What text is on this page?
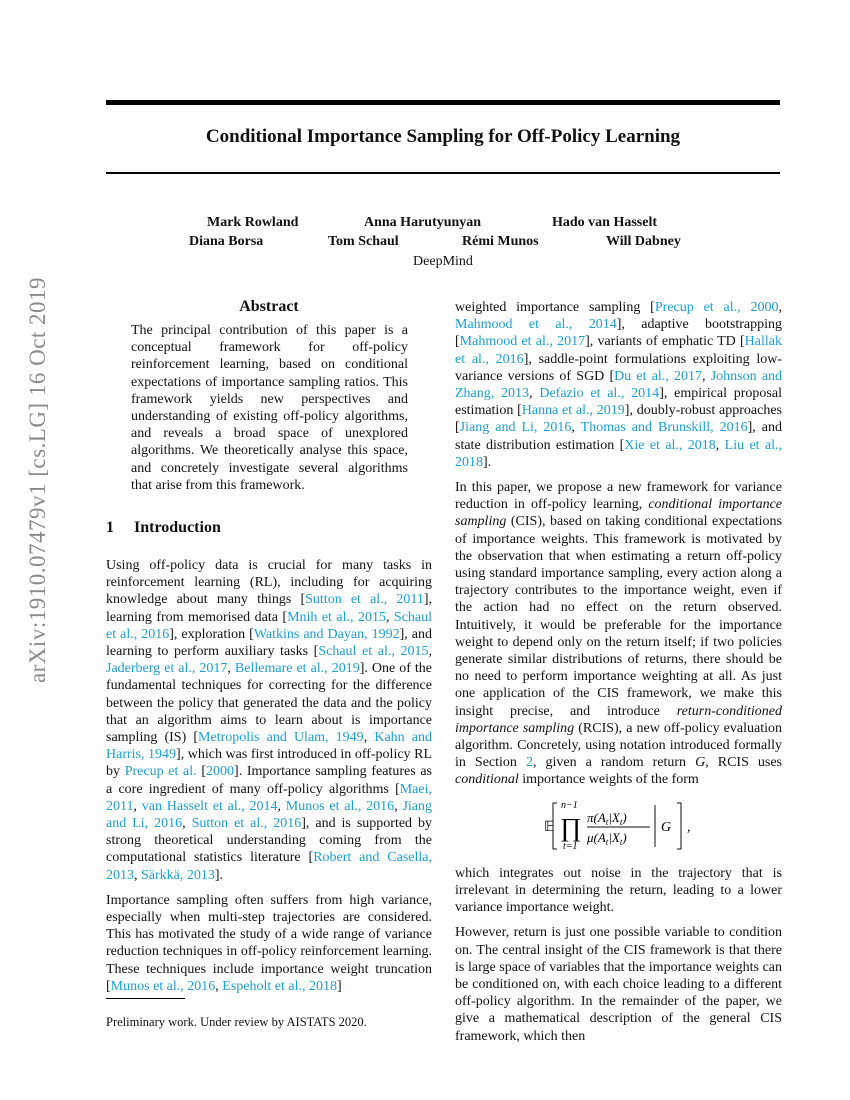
arXiv:1910.07479v1 [cs.LG] 16 Oct 2019
Conditional Importance Sampling for Off-Policy Learning
Mark Rowland	Anna Harutyunyan	Hado van Hasselt
Diana Borsa	Tom Schaul	Rémi Munos	Will Dabney
DeepMind
Abstract
The principal contribution of this paper is a conceptual framework for off-policy reinforcement learning, based on conditional expectations of importance sampling ratios. This framework yields new perspectives and understanding of existing off-policy algorithms, and reveals a broad space of unexplored algorithms. We theoretically analyse this space, and concretely investigate several algorithms that arise from this framework.
1 Introduction

Using off-policy data is crucial for many tasks in reinforcement learning (RL), including for acquiring knowledge about many things [Sutton et al., 2011], learning from memorised data [Mnih et al., 2015, Schaul et al., 2016], exploration [Watkins and Dayan, 1992], and learning to perform auxiliary tasks [Schaul et al., 2015, Jaderberg et al., 2017, Bellemare et al., 2019]. One of the fundamental techniques for correcting for the difference between the policy that generated the data and the policy that an algorithm aims to learn about is importance sampling (IS) [Metropolis and Ulam, 1949, Kahn and Harris, 1949], which was first introduced in off-policy RL by Precup et al. [2000]. Importance sampling features as a core ingredient of many off-policy algorithms [Maei, 2011, van Hasselt et al., 2014, Munos et al., 2016, Jiang and Li, 2016, Sutton et al., 2016], and is supported by strong theoretical understanding coming from the computational statistics literature [Robert and Casella, 2013, Särkkä, 2013].

Importance sampling often suffers from high variance, especially when multi-step trajectories are considered. This has motivated the study of a wide range of variance reduction techniques in off-policy reinforcement learning. These techniques include importance weight truncation [Munos et al., 2016, Espeholt et al., 2018]

Preliminary work. Under review by AISTATS 2020.

weighted importance sampling [Precup et al., 2000, Mahmood et al., 2014], adaptive bootstrapping [Mahmood et al., 2017], variants of emphatic TD [Hallak et al., 2016], saddle-point formulations exploiting low-variance versions of SGD [Du et al., 2017, Johnson and Zhang, 2013, Defazio et al., 2014], empirical proposal estimation [Hanna et al., 2019], doubly-robust approaches [Jiang and Li, 2016, Thomas and Brunskill, 2016], and state distribution estimation [Xie et al., 2018, Liu et al., 2018].

In this paper, we propose a new framework for variance reduction in off-policy learning, conditional importance sampling (CIS), based on taking conditional expectations of importance weights. This framework is motivated by the observation that when estimating a return off-policy using standard importance sampling, every action along a trajectory contributes to the importance weight, even if the action had no effect on the return observed. Intuitively, it would be preferable for the importance weight to depend only on the return itself; if two policies generate similar distributions of returns, there should be no need to perform importance weighting at all. As just one application of the CIS framework, we make this insight precise, and introduce return-conditioned importance sampling (RCIS), a new off-policy evaluation algorithm. Concretely, using notation introduced formally in Section 2, given a random return G, RCIS uses conditional importance weights of the form

𝔼
n−1
∏
t=1
$\pi(A_t|X_t)$
$\mu(A_t|X_t)$
G ,

which integrates out noise in the trajectory that is irrelevant in determining the return, leading to a lower variance importance weight.

However, return is just one possible variable to condition on. The central insight of the CIS framework is that there is large space of variables that the importance weights can be conditioned on, with each choice leading to a different off-policy algorithm. In the remainder of the paper, we give a mathematical description of the general CIS framework, which then
